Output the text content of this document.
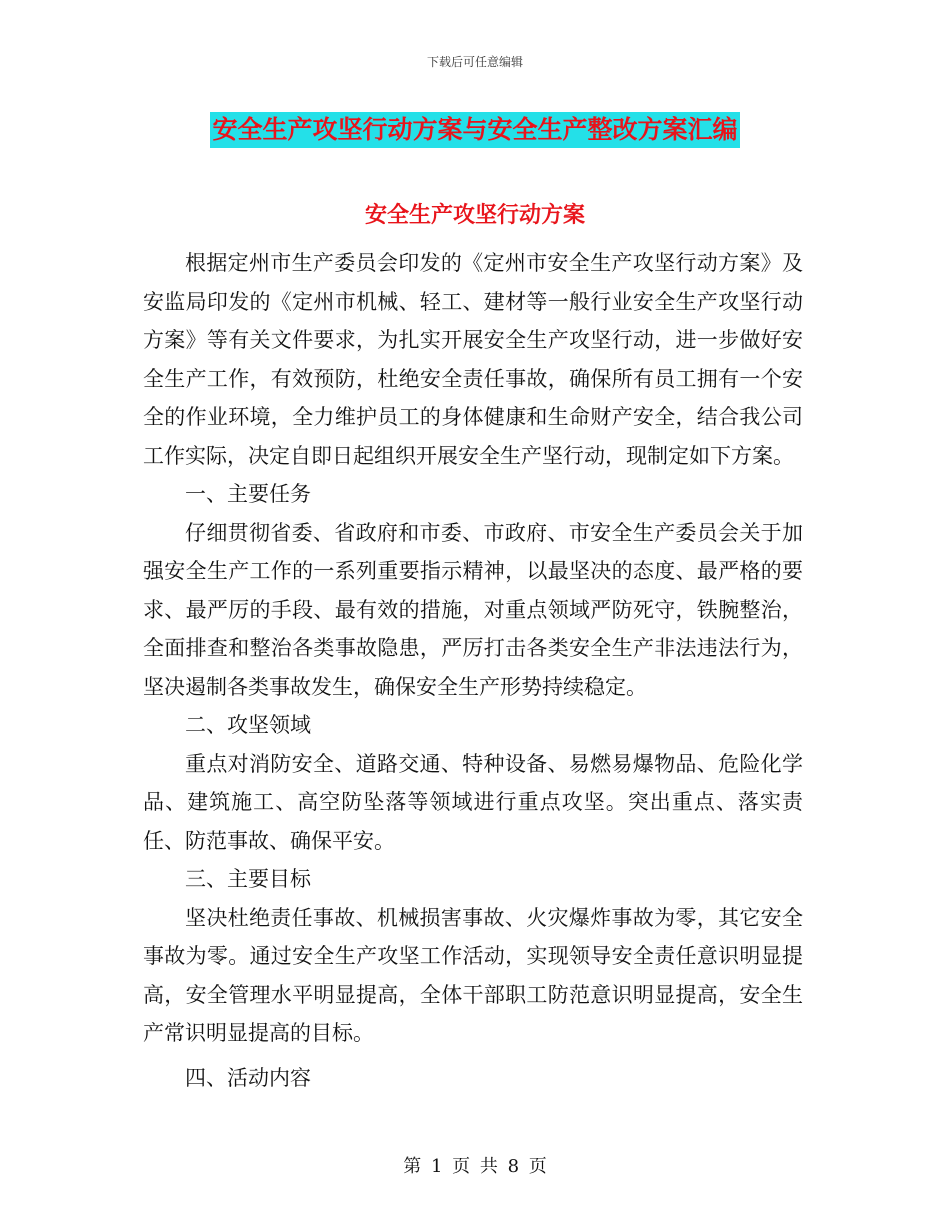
下载后可任意编辑
安全生产攻坚行动方案与安全生产整改方案汇编
安全生产攻坚行动方案

根据定州市生产委员会印发的《定州市安全生产攻坚行动方案》及安监局印发的《定州市机械、轻工、建材等一般行业安全生产攻坚行动方案》等有关文件要求，为扎实开展安全生产攻坚行动，进一步做好安全生产工作，有效预防，杜绝安全责任事故，确保所有员工拥有一个安全的作业环境，全力维护员工的身体健康和生命财产安全，结合我公司工作实际，决定自即日起组织开展安全生产坚行动，现制定如下方案。

一、主要任务

仔细贯彻省委、省政府和市委、市政府、市安全生产委员会关于加强安全生产工作的一系列重要指示精神，以最坚决的态度、最严格的要求、最严厉的手段、最有效的措施，对重点领域严防死守，铁腕整治，全面排查和整治各类事故隐患，严厉打击各类安全生产非法违法行为，坚决遏制各类事故发生，确保安全生产形势持续稳定。

二、攻坚领域

重点对消防安全、道路交通、特种设备、易燃易爆物品、危险化学品、建筑施工、高空防坠落等领域进行重点攻坚。突出重点、落实责任、防范事故、确保平安。

三、主要目标

坚决杜绝责任事故、机械损害事故、火灾爆炸事故为零，其它安全事故为零。通过安全生产攻坚工作活动，实现领导安全责任意识明显提高，安全管理水平明显提高，全体干部职工防范意识明显提高，安全生产常识明显提高的目标。

四、活动内容

第 1 页 共 8 页
